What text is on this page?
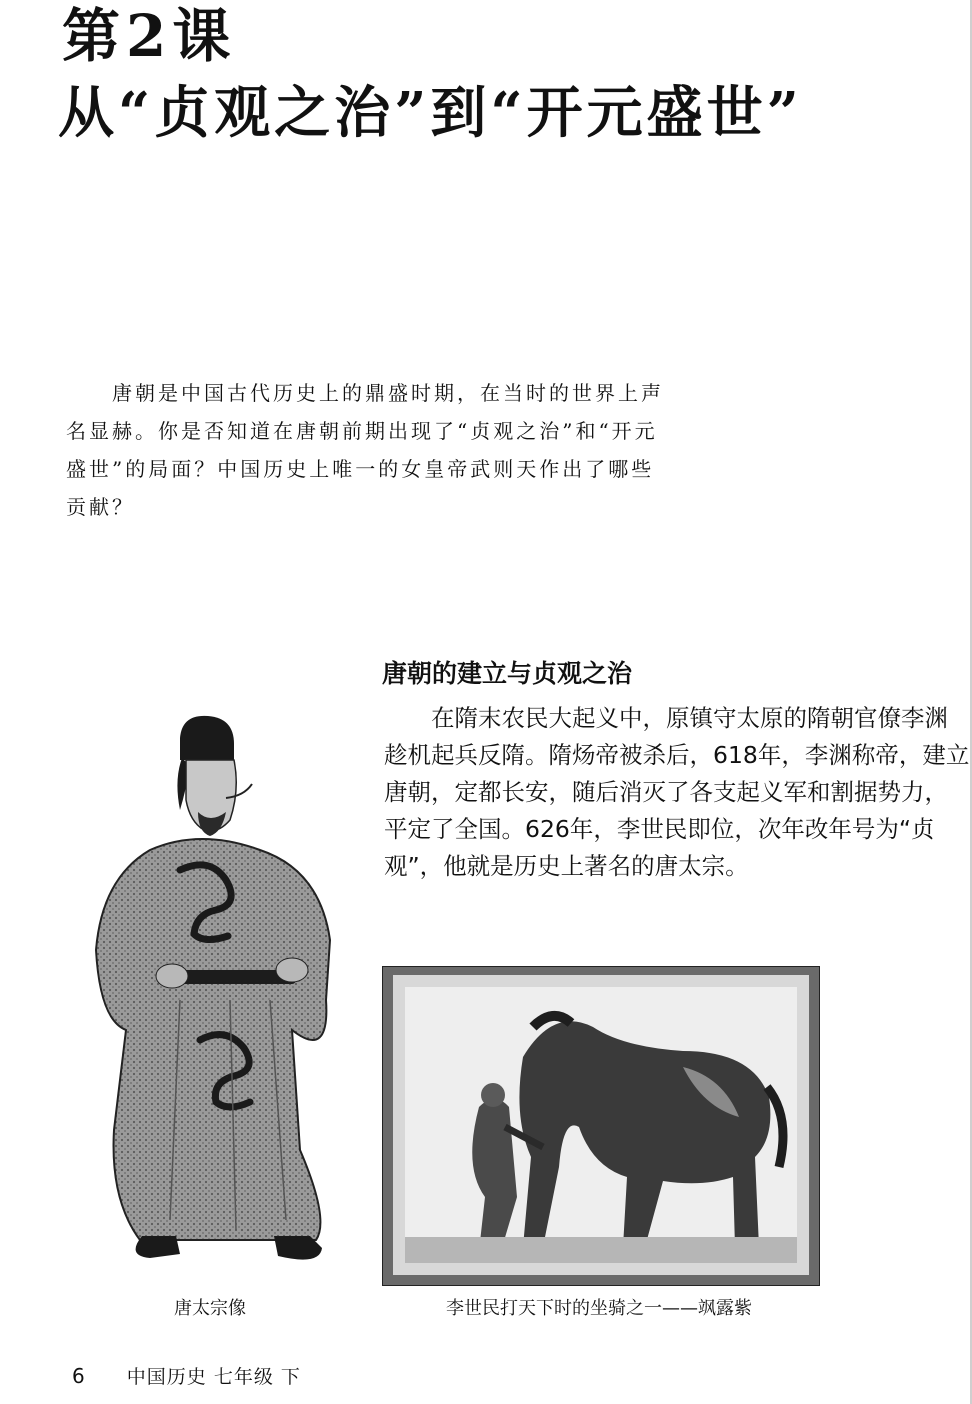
第2课
从“贞观之治”到“开元盛世”

唐朝是中国古代历史上的鼎盛时期，在当时的世界上声名显赫。你是否知道在唐朝前期出现了“贞观之治”和“开元盛世”的局面？中国历史上唯一的女皇帝武则天作出了哪些贡献？

唐太宗像
唐朝的建立与贞观之治

在隋末农民大起义中，原镇守太原的隋朝官僚李渊趁机起兵反隋。隋炀帝被杀后，618年，李渊称帝，建立唐朝，定都长安，随后消灭了各支起义军和割据势力，平定了全国。626年，李世民即位，次年改年号为“贞观”，他就是历史上著名的唐太宗。

李世民打天下时的坐骑之一——飒露紫
6 中国历史 七年级 下
